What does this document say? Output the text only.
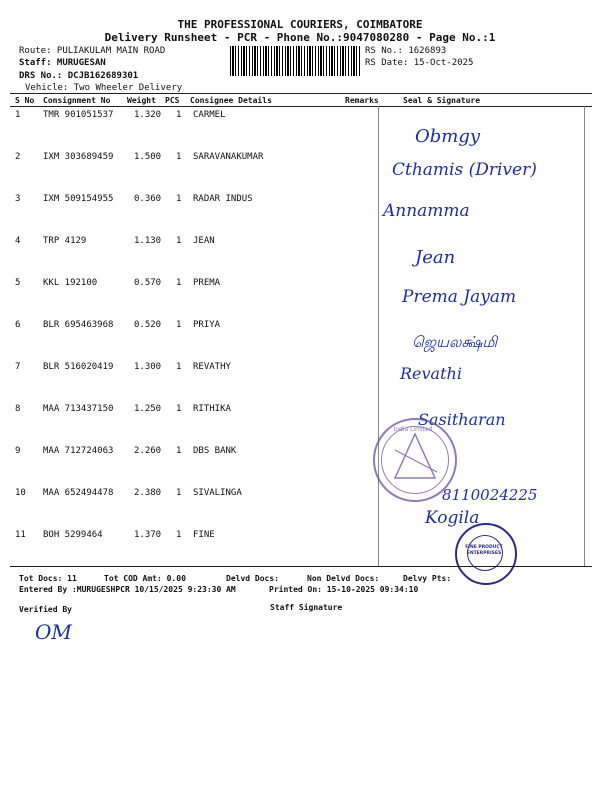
THE PROFESSIONAL COURIERS, COIMBATORE
Delivery Runsheet - PCR - Phone No.:9047080280 - Page No.:1
Route: PULIAKULAM MAIN ROAD
Staff: MURUGESAN
DRS No.: DCJB162689301
Vehicle: Two Wheeler Delivery
RS No.: 1626893
RS Date: 15-Oct-2025
S No Consignment No Weight PCS Consignee Details	Remarks	Seal & Signature
1	TMR 901051537 1.320 1 CARMEL
2	IXM 303689459 1.500 1 SARAVANAKUMAR
3	IXM 509154955 0.360 1 RADAR INDUS
4	TRP 4129	1.130 1 JEAN
5	KKL 192100	0.570 1 PREMA
6	BLR 695463968 0.520 1 PRIYA
7	BLR 516020419 1.300 1 REVATHY
8	MAA 713437150 1.250 1 RITHIKA
9	MAA 712724063 2.260 1 DBS BANK
10 MAA 652494478 2.380 1 SIVALINGA
11 BOH 5299464	1.370 1 FINE
Obmgy
Cthamis (Driver)
Annamma
Jean
Prema Jayam
ஜெயலக்ஷ்மி
Revathi
Sasitharan
8110024225
Kogila
India Limited
FINE PRODUCT ENTERPRISES
Tot Docs: 11	Tot COD Amt: 0.00	Delvd Docs:	Non Delvd Docs:	Delvy Pts:
Entered By :MURUGESHPCR 10/15/2025 9:23:30 AM	Printed On: 15-10-2025 09:34:10
Verified By	Staff Signature
OM
